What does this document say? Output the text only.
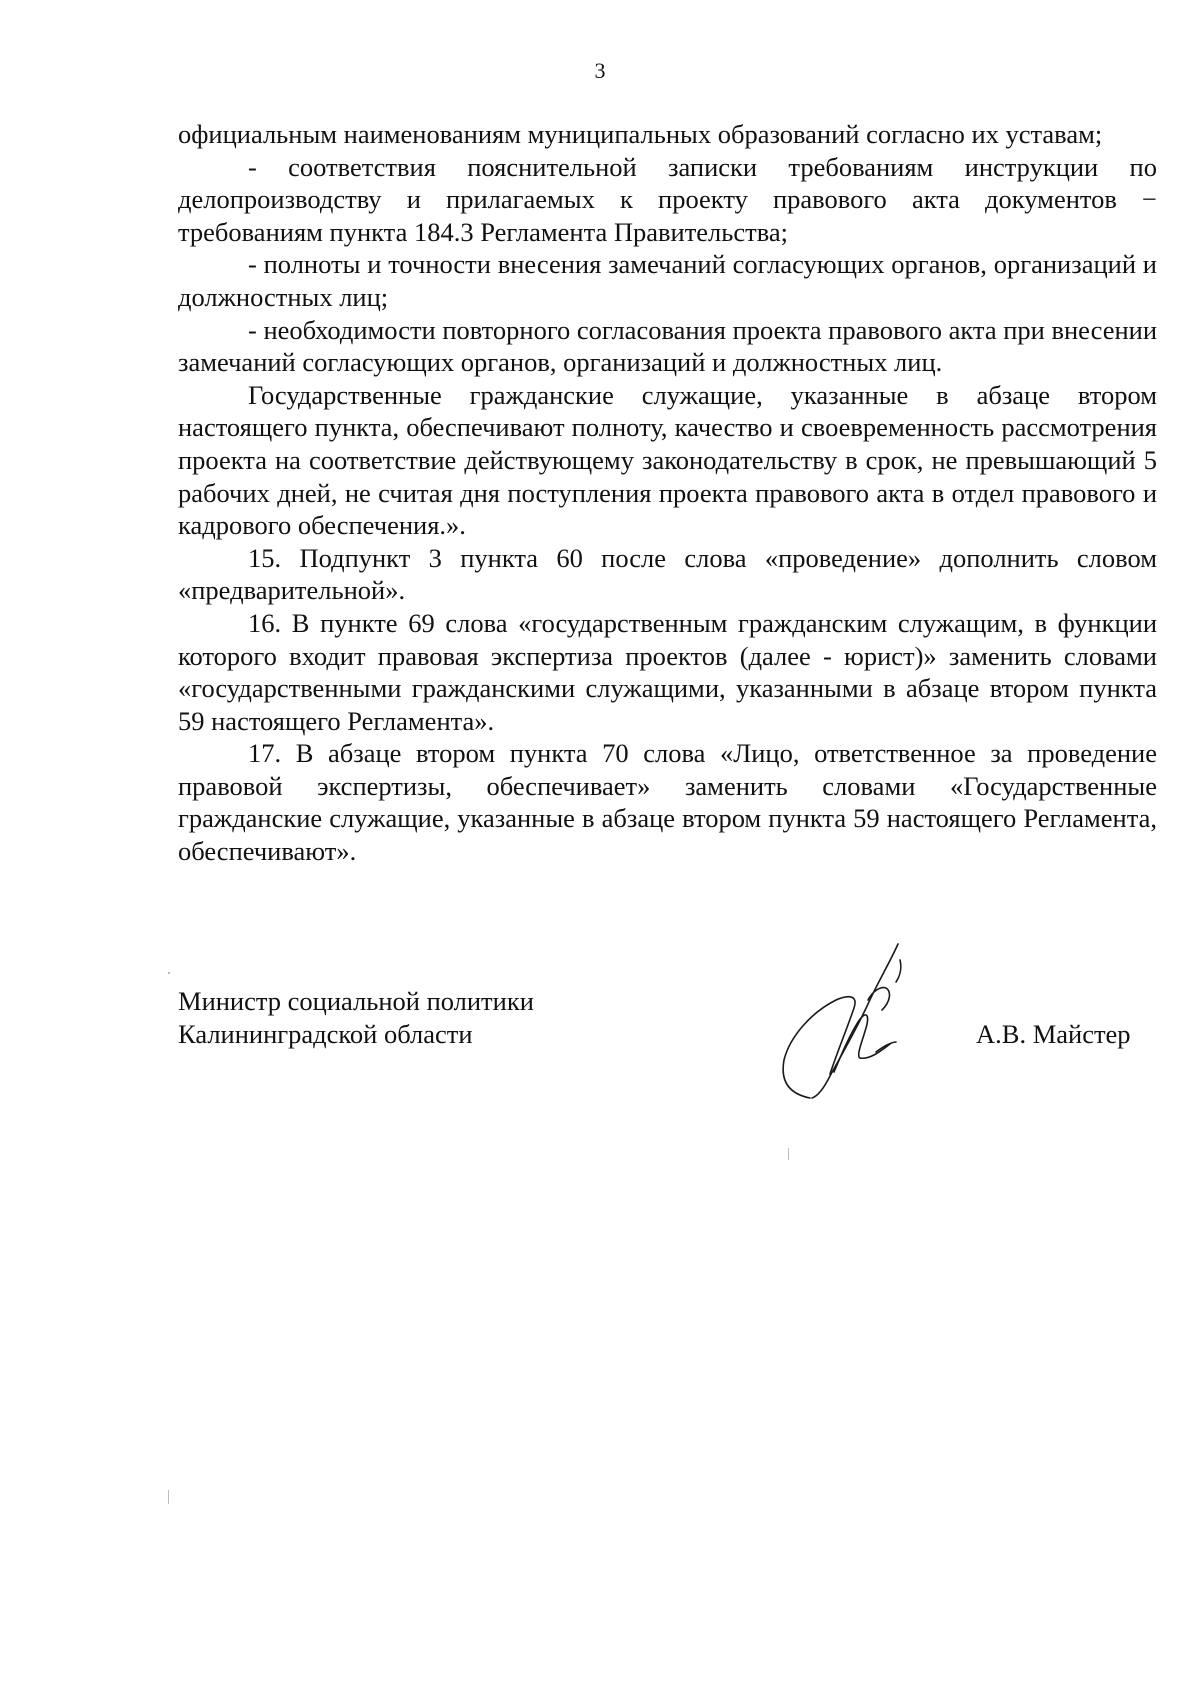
3

официальным наименованиям муниципальных образований согласно их уставам;

- соответствия пояснительной записки требованиям инструкции по делопроизводству и прилагаемых к проекту правового акта документов − требованиям пункта 184.3 Регламента Правительства;

- полноты и точности внесения замечаний согласующих органов, организаций и должностных лиц;

- необходимости повторного согласования проекта правового акта при внесении замечаний согласующих органов, организаций и должностных лиц.

Государственные гражданские служащие, указанные в абзаце втором настоящего пункта, обеспечивают полноту, качество и своевременность рассмотрения проекта на соответствие действующему законодательству в срок, не превышающий 5 рабочих дней, не считая дня поступления проекта правового акта в отдел правового и кадрового обеспечения.».

15. Подпункт 3 пункта 60 после слова «проведение» дополнить словом «предварительной».

16. В пункте 69 слова «государственным гражданским служащим, в функции которого входит правовая экспертиза проектов (далее - юрист)» заменить словами «государственными гражданскими служащими, указанными в абзаце втором пункта 59 настоящего Регламента».

17. В абзаце втором пункта 70 слова «Лицо, ответственное за проведение правовой экспертизы, обеспечивает» заменить словами «Государственные гражданские служащие, указанные в абзаце втором пункта 59 настоящего Регламента, обеспечивают».

Министр социальной политики
Калининградской области	А.В. Майстер
